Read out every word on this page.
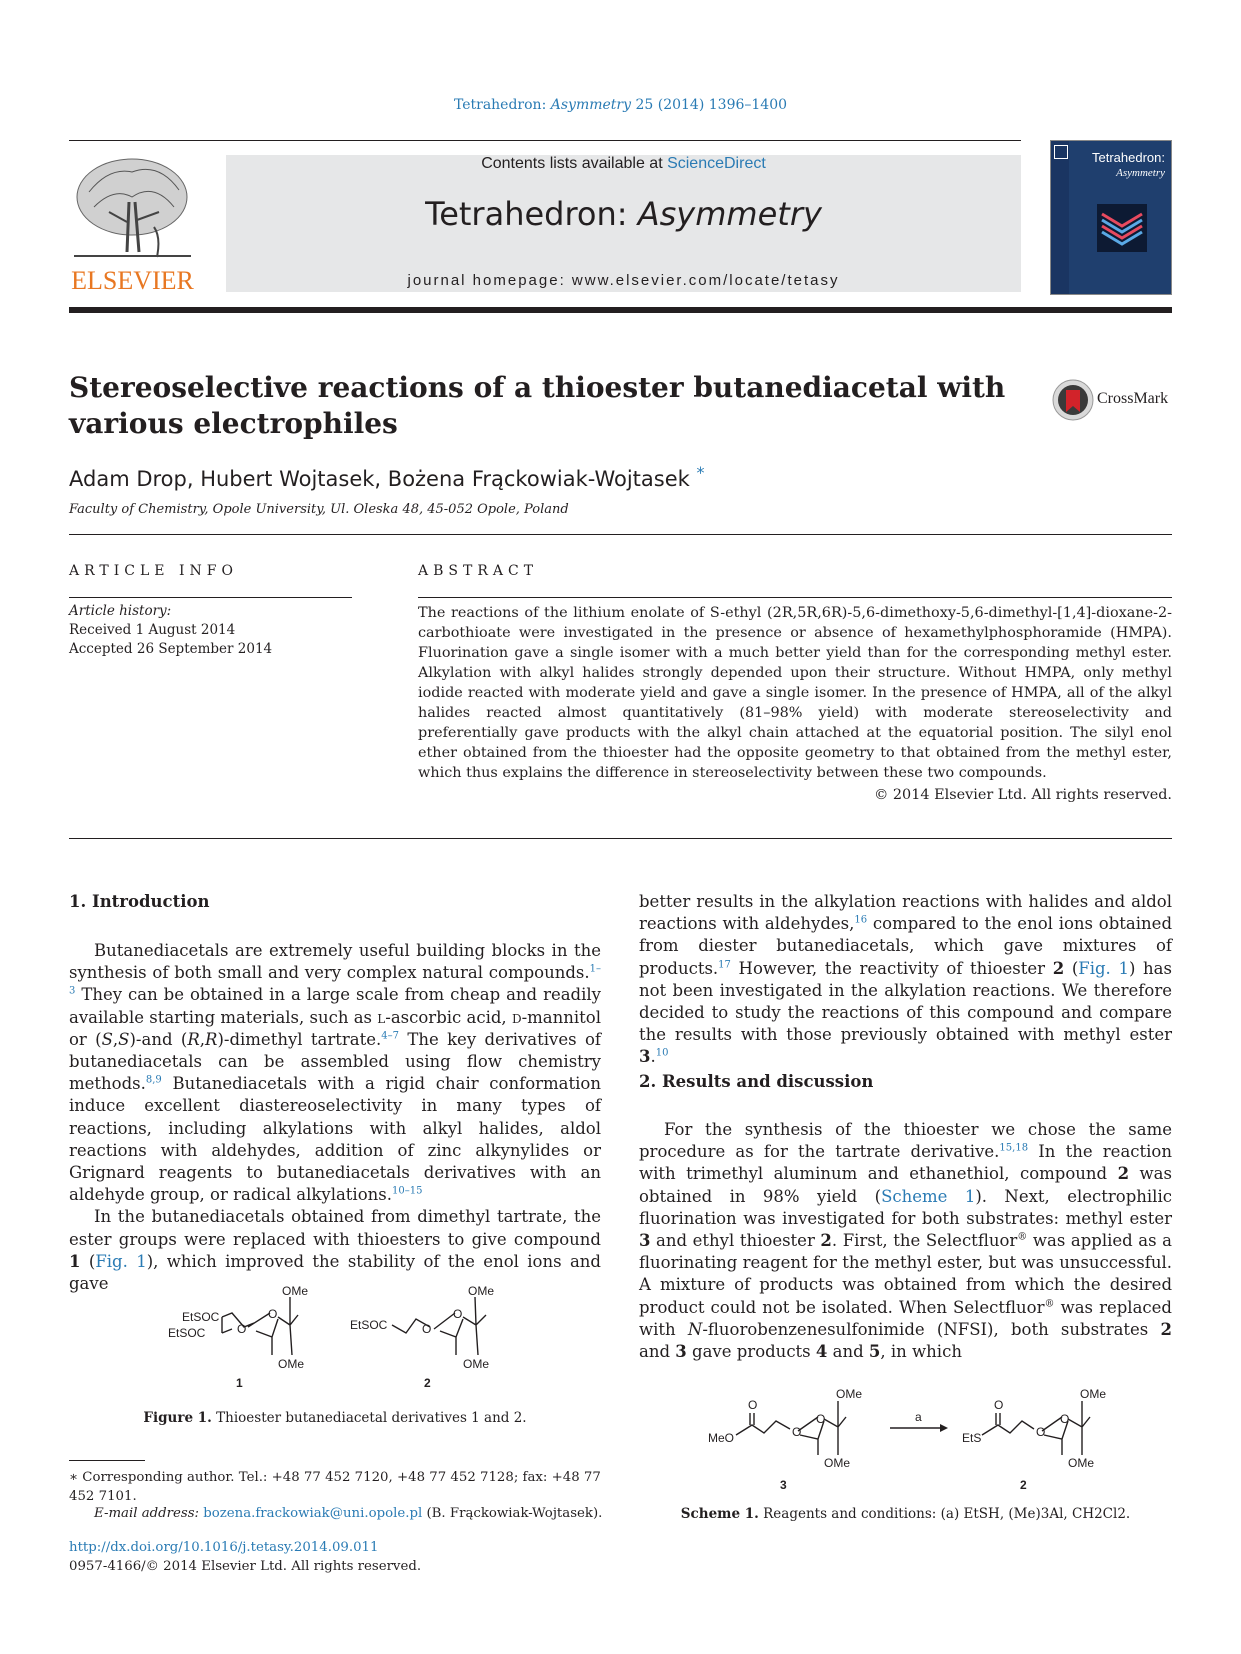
Tetrahedron: Asymmetry 25 (2014) 1396–1400
ELSEVIER
Contents lists available at ScienceDirect
Tetrahedron: Asymmetry
journal homepage: www.elsevier.com/locate/tetasy
Tetrahedron:
Asymmetry
Stereoselective reactions of a thioester butanediacetal with various electrophiles
CrossMark
Adam Drop, Hubert Wojtasek, Bożena Frąckowiak-Wojtasek *
Faculty of Chemistry, Opole University, Ul. Oleska 48, 45-052 Opole, Poland
ARTICLE INFO
Article history:
Received 1 August 2014
Accepted 26 September 2014
ABSTRACT
The reactions of the lithium enolate of S-ethyl (2R,5R,6R)-5,6-dimethoxy-5,6-dimethyl-[1,4]-dioxane-2-carbothioate were investigated in the presence or absence of hexamethylphosphoramide (HMPA). Fluorination gave a single isomer with a much better yield than for the corresponding methyl ester. Alkylation with alkyl halides strongly depended upon their structure. Without HMPA, only methyl iodide reacted with moderate yield and gave a single isomer. In the presence of HMPA, all of the alkyl halides reacted almost quantitatively (81–98% yield) with moderate stereoselectivity and preferentially gave products with the alkyl chain attached at the equatorial position. The silyl enol ether obtained from the thioester had the opposite geometry to that obtained from the methyl ester, which thus explains the difference in stereoselectivity between these two compounds.
© 2014 Elsevier Ltd. All rights reserved.
1. Introduction

Butanediacetals are extremely useful building blocks in the synthesis of both small and very complex natural compounds.$^{1-3}$ They can be obtained in a large scale from cheap and readily available starting materials, such as l-ascorbic acid, d-mannitol or (S,S)-and (R,R)-dimethyl tartrate.$^{4-7}$ The key derivatives of butanediacetals can be assembled using flow chemistry methods.$^{8,9}$ Butanediacetals with a rigid chair conformation induce excellent diastereoselectivity in many types of reactions, including alkylations with alkyl halides, aldol reactions with aldehydes, addition of zinc alkynylides or Grignard reagents to butanediacetals derivatives with an aldehyde group, or radical alkylations.$^{10-15}$

In the butanediacetals obtained from dimethyl tartrate, the ester groups were replaced with thioesters to give compound 1 (Fig. 1), which improved the stability of the enol ions and gave	OMe
EtSOC
EtSOC	O
O
OMe
1
OMe
EtSOC	O
O
OMe
2
Figure 1. Thioester butanediacetal derivatives 1 and 2.

better results in the alkylation reactions with halides and aldol reactions with aldehydes,$^{16}$ compared to the enol ions obtained from diester butanediacetals, which gave mixtures of products.$^{17}$ However, the reactivity of thioester 2 (Fig. 1) has not been investigated in the alkylation reactions. We therefore decided to study the reactions of this compound and compare the results with those previously obtained with methyl ester 3.10

2. Results and discussion

For the synthesis of the thioester we chose the same procedure as for the tartrate derivative.$^{15,18}$ In the reaction with trimethyl aluminum and ethanethiol, compound 2 was obtained in 98% yield (Scheme 1). Next, electrophilic fluorination was investigated for both substrates: methyl ester 3 and ethyl thioester 2. First, the Selectfluor® was applied as a fluorinating reagent for the methyl ester, but was unsuccessful. A mixture of products was obtained from which the desired product could not be isolated. When Selectfluor® was replaced with N-fluorobenzenesulfonimide (NFSI), both substrates 2 and 3 gave products 4 and 5, in which

MeO
O
O
O
OMe
OMe
3
a
EtS
O
O
O
OMe
OMe
2
Scheme 1. Reagents and conditions: (a) EtSH, (Me)3Al, CH2Cl2.
∗ Corresponding author. Tel.: +48 77 452 7120, +48 77 452 7128; fax: +48 77 452 7101.
E-mail address: bozena.frackowiak@uni.opole.pl (B. Frąckowiak-Wojtasek).
http://dx.doi.org/10.1016/j.tetasy.2014.09.011
0957-4166/© 2014 Elsevier Ltd. All rights reserved.
